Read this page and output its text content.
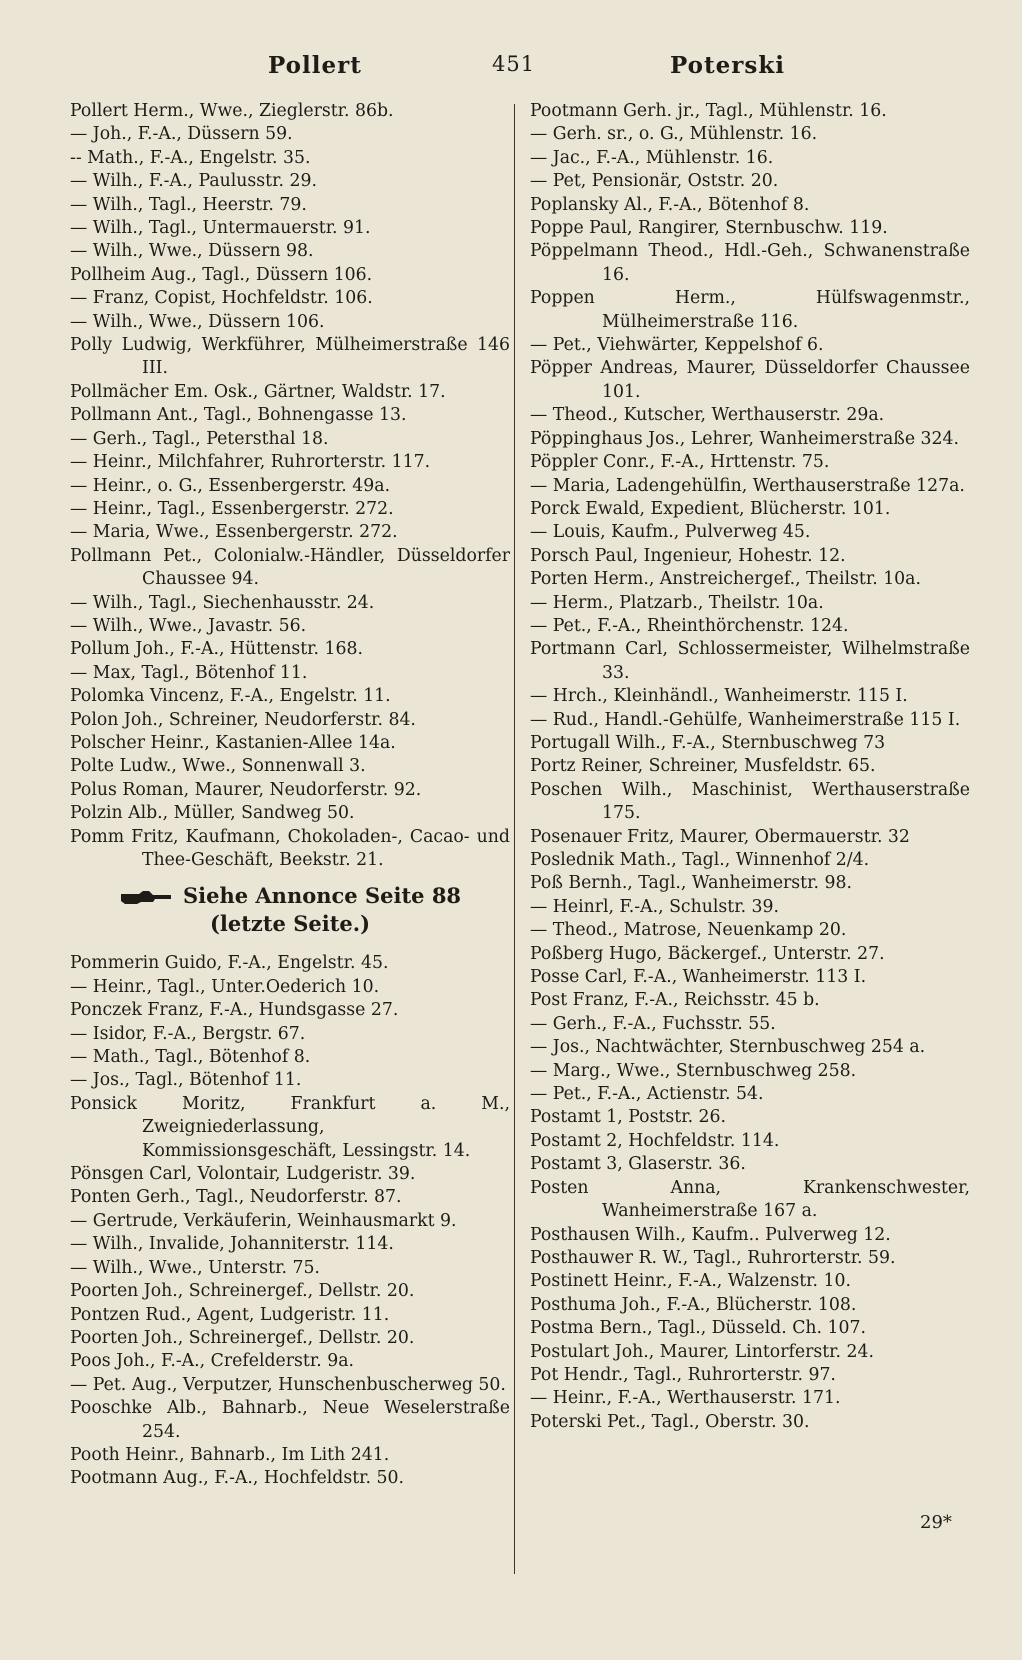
Pollert	451	Poterski
Pollert Herm., Wwe., Zieglerstr. 86b.
— Joh., F.-A., Düssern 59.
-- Math., F.-A., Engelstr. 35.
— Wilh., F.-A., Paulusstr. 29.
— Wilh., Tagl., Heerstr. 79.
— Wilh., Tagl., Untermauerstr. 91.
— Wilh., Wwe., Düssern 98.
Pollheim Aug., Tagl., Düssern 106.
— Franz, Copist, Hochfeldstr. 106.
— Wilh., Wwe., Düssern 106.
Polly Ludwig, Werkführer, Mülheimerstraße 146 III.
Pollmächer Em. Osk., Gärtner, Waldstr. 17.
Pollmann Ant., Tagl., Bohnengasse 13.
— Gerh., Tagl., Petersthal 18.
— Heinr., Milchfahrer, Ruhrorterstr. 117.
— Heinr., o. G., Essenbergerstr. 49a.
— Heinr., Tagl., Essenbergerstr. 272.
— Maria, Wwe., Essenbergerstr. 272.
Pollmann Pet., Colonialw.-Händler, Düsseldorfer Chaussee 94.
— Wilh., Tagl., Siechenhausstr. 24.
— Wilh., Wwe., Javastr. 56.
Pollum Joh., F.-A., Hüttenstr. 168.
— Max, Tagl., Bötenhof 11.
Polomka Vincenz, F.-A., Engelstr. 11.
Polon Joh., Schreiner, Neudorferstr. 84.
Polscher Heinr., Kastanien-Allee 14a.
Polte Ludw., Wwe., Sonnenwall 3.
Polus Roman, Maurer, Neudorferstr. 92.
Polzin Alb., Müller, Sandweg 50.
Pomm Fritz, Kaufmann, Chokoladen-, Cacao- und Thee-Geschäft, Beekstr. 21.
Siehe Annonce Seite 88
(letzte Seite.)
Pommerin Guido, F.-A., Engelstr. 45.
— Heinr., Tagl., Unter.Oederich 10.
Ponczek Franz, F.-A., Hundsgasse 27.
— Isidor, F.-A., Bergstr. 67.
— Math., Tagl., Bötenhof 8.
— Jos., Tagl., Bötenhof 11.
Ponsick Moritz, Frankfurt a. M., Zweigniederlassung, Kommissionsgeschäft, Lessingstr. 14.
Pönsgen Carl, Volontair, Ludgeristr. 39.
Ponten Gerh., Tagl., Neudorferstr. 87.
— Gertrude, Verkäuferin, Weinhausmarkt 9.
— Wilh., Invalide, Johanniterstr. 114.
— Wilh., Wwe., Unterstr. 75.
Poorten Joh., Schreinergef., Dellstr. 20.
Pontzen Rud., Agent, Ludgeristr. 11.
Poorten Joh., Schreinergef., Dellstr. 20.
Poos Joh., F.-A., Crefelderstr. 9a.
— Pet. Aug., Verputzer, Hunschenbuscherweg 50.
Pooschke Alb., Bahnarb., Neue Weselerstraße 254.
Pooth Heinr., Bahnarb., Im Lith 241.
Pootmann Aug., F.-A., Hochfeldstr. 50.
Pootmann Gerh. jr., Tagl., Mühlenstr. 16.
— Gerh. sr., o. G., Mühlenstr. 16.
— Jac., F.-A., Mühlenstr. 16.
— Pet, Pensionär, Oststr. 20.
Poplansky Al., F.-A., Bötenhof 8.
Poppe Paul, Rangirer, Sternbuschw. 119.
Pöppelmann Theod., Hdl.-Geh., Schwanenstraße 16.
Poppen Herm., Hülfswagenmstr., Mülheimerstraße 116.
— Pet., Viehwärter, Keppelshof 6.
Pöpper Andreas, Maurer, Düsseldorfer Chaussee 101.
— Theod., Kutscher, Werthauserstr. 29a.
Pöppinghaus Jos., Lehrer, Wanheimerstraße 324.
Pöppler Conr., F.-A., Hrttenstr. 75.
— Maria, Ladengehülfin, Werthauserstraße 127a.
Porck Ewald, Expedient, Blücherstr. 101.
— Louis, Kaufm., Pulverweg 45.
Porsch Paul, Ingenieur, Hohestr. 12.
Porten Herm., Anstreichergef., Theilstr. 10a.
— Herm., Platzarb., Theilstr. 10a.
— Pet., F.-A., Rheinthörchenstr. 124.
Portmann Carl, Schlossermeister, Wilhelmstraße 33.
— Hrch., Kleinhändl., Wanheimerstr. 115 I.
— Rud., Handl.-Gehülfe, Wanheimerstraße 115 I.
Portugall Wilh., F.-A., Sternbuschweg 73
Portz Reiner, Schreiner, Musfeldstr. 65.
Poschen Wilh., Maschinist, Werthauserstraße 175.
Posenauer Fritz, Maurer, Obermauerstr. 32
Poslednik Math., Tagl., Winnenhof 2/4.
Poß Bernh., Tagl., Wanheimerstr. 98.
— Heinrl, F.-A., Schulstr. 39.
— Theod., Matrose, Neuenkamp 20.
Poßberg Hugo, Bäckergef., Unterstr. 27.
Posse Carl, F.-A., Wanheimerstr. 113 I.
Post Franz, F.-A., Reichsstr. 45 b.
— Gerh., F.-A., Fuchsstr. 55.
— Jos., Nachtwächter, Sternbuschweg 254 a.
— Marg., Wwe., Sternbuschweg 258.
— Pet., F.-A., Actienstr. 54.
Postamt 1, Poststr. 26.
Postamt 2, Hochfeldstr. 114.
Postamt 3, Glaserstr. 36.
Posten Anna, Krankenschwester, Wanheimerstraße 167 a.
Posthausen Wilh., Kaufm.. Pulverweg 12.
Posthauwer R. W., Tagl., Ruhrorterstr. 59.
Postinett Heinr., F.-A., Walzenstr. 10.
Posthuma Joh., F.-A., Blücherstr. 108.
Postma Bern., Tagl., Düsseld. Ch. 107.
Postulart Joh., Maurer, Lintorferstr. 24.
Pot Hendr., Tagl., Ruhrorterstr. 97.
— Heinr., F.-A., Werthauserstr. 171.
Poterski Pet., Tagl., Oberstr. 30.
29*
